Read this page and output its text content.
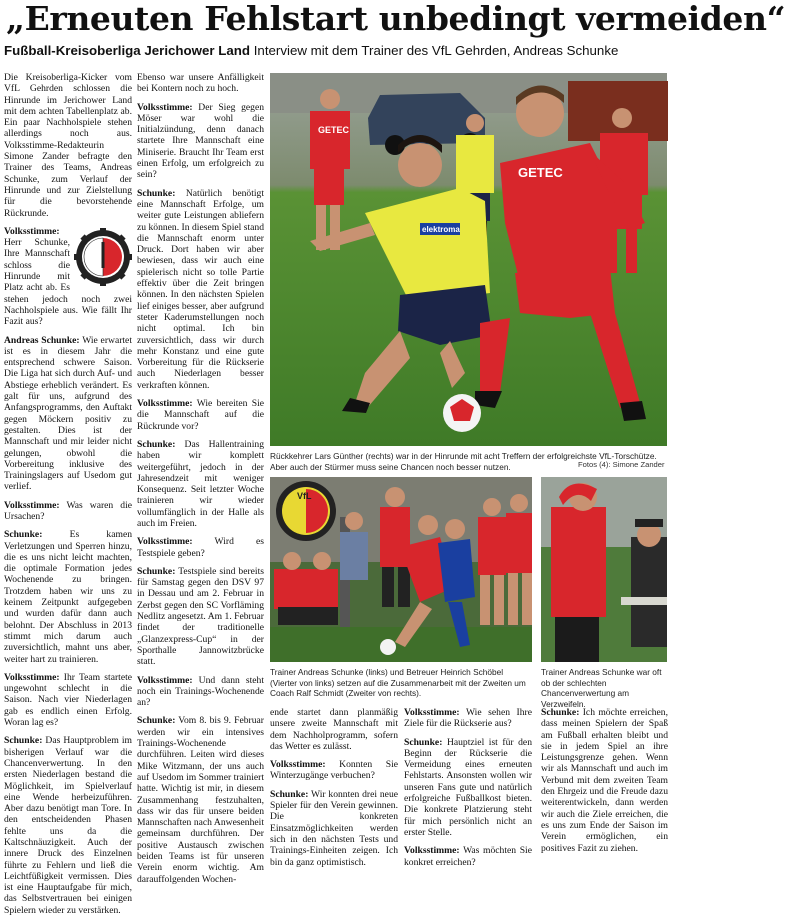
„Erneuten Fehlstart unbedingt vermeiden“
Fußball-Kreisoberliga Jerichower Land Interview mit dem Trainer des VfL Gehrden, Andreas Schunke

Die Kreisoberliga-Kicker vom VfL Gehrden schlossen die Hinrunde im Jerichower Land mit dem achten Tabellenplatz ab. Ein paar Nachholspiele stehen allerdings noch aus. Volksstimme-Redakteurin Simone Zander befragte den Trainer des Teams, Andreas Schunke, zum Verlauf der Hinrunde und zur Zielstellung für die bevorstehende Rückrunde.

Volksstimme: Herr Schunke, Ihre Mannschaft schloss die Hinrunde mit Platz acht ab. Es stehen jedoch noch zwei Nachholspiele aus. Wie fällt Ihr Fazit aus?

Andreas Schunke: Wie erwartet ist es in diesem Jahr die entsprechend schwere Saison. Die Liga hat sich durch Auf- und Abstiege erheblich verändert. Es galt für uns, aufgrund des Anfangsprogramms, den Auftakt gegen Möckern positiv zu gestalten. Dies ist der Mannschaft und mir leider nicht gelungen, obwohl die Vorbereitung inklusive des Trainingslagers auf Usedom gut verlief.

Volksstimme: Was waren die Ursachen?

Schunke: Es kamen Verletzungen und Sperren hinzu, die es uns nicht leicht machten, die optimale Formation jedes Wochenende zu bringen. Trotzdem haben wir uns zu keinem Zeitpunkt aufgegeben und wurden dafür dann auch belohnt. Der Abschluss in 2013 stimmt mich darum auch zuversichtlich, mahnt uns aber, weiter hart zu trainieren.

Volksstimme: Ihr Team startete ungewohnt schlecht in die Saison. Nach vier Niederlagen gab es endlich einen Erfolg. Woran lag es?

Schunke: Das Hauptproblem im bisherigen Verlauf war die Chancenverwertung. In den ersten Niederlagen bestand die Möglichkeit, im Spielverlauf eine Wende herbeizuführen. Aber dazu benötigt man Tore. In den entscheidenden Phasen fehlte uns da die Kaltschnäuzigkeit. Auch der innere Druck des Einzelnen führte zu Fehlern und ließ die Leichtfüßigkeit vermissen. Dies ist eine Hauptaufgabe für mich, das Selbstvertrauen bei einigen Spielern wieder zu verstärken.

Ebenso war unsere Anfälligkeit bei Kontern noch zu hoch.

Volksstimme: Der Sieg gegen Möser war wohl die Initialzündung, denn danach startete Ihre Mannschaft eine Miniserie. Braucht Ihr Team erst einen Erfolg, um erfolgreich zu sein?

Schunke: Natürlich benötigt eine Mannschaft Erfolge, um weiter gute Leistungen abliefern zu können. In diesem Spiel stand die Mannschaft enorm unter Druck. Dort haben wir aber bewiesen, dass wir auch eine spielerisch nicht so tolle Partie effektiv über die Zeit bringen können. In den nächsten Spielen lief einiges besser, aber aufgrund steter Kaderumstellungen noch nicht optimal. Ich bin zuversichtlich, dass wir durch mehr Konstanz und eine gute Vorbereitung für die Rückserie auch Niederlagen besser verkraften können.

Volksstimme: Wie bereiten Sie die Mannschaft auf die Rückrunde vor?

Schunke: Das Hallentraining haben wir komplett weitergeführt, jedoch in der Jahresendzeit mit weniger Konsequenz. Seit letzter Woche trainieren wir wieder vollumfänglich in der Halle als auch im Freien.

Volksstimme: Wird es Testspiele geben?

Schunke: Testspiele sind bereits für Samstag gegen den DSV 97 in Dessau und am 2. Februar in Zerbst gegen den SC Vorfläming Nedlitz angesetzt. Am 1. Februar findet der traditionelle „Glanzexpress-Cup“ in der Sporthalle Jannowitzbrücke statt.

Volksstimme: Und dann steht noch ein Trainings-Wochenende an?

Schunke: Vom 8. bis 9. Februar werden wir ein intensives Trainings-Wochenende durchführen. Leiten wird dieses Mike Witzmann, der uns auch auf Usedom im Sommer trainiert hatte. Wichtig ist mir, in diesem Zusammenhang festzuhalten, dass wir das für unsere beiden Mannschaften nach Anwesenheit gemeinsam durchführen. Der positive Austausch zwischen beiden Teams ist für unseren Verein enorm wichtig. Am darauffolgenden Wochen-

GETEC
elektroma
GETEC
Rückkehrer Lars Günther (rechts) war in der Hinrunde mit acht Treffern der erfolgreichste VfL-Torschütze. Aber auch der Stürmer muss seine Chancen noch besser nutzen.	Fotos (4): Simone Zander
VfL
Trainer Andreas Schunke (links) und Betreuer Heinrich Schöbel (Vierter von links) setzen auf die Zusammenarbeit mit der Zweiten um Coach Ralf Schmidt (Zweiter von rechts).
Trainer Andreas Schunke war oft ob der schlechten Chancenverwertung am Verzweifeln.

ende startet dann planmäßig unsere zweite Mannschaft mit dem Nachholprogramm, sofern das Wetter es zulässt.

Volksstimme: Konnten Sie Winterzugänge verbuchen?

Schunke: Wir konnten drei neue Spieler für den Verein gewinnen. Die konkreten Einsatzmöglichkeiten werden sich in den nächsten Tests und Trainings-Einheiten zeigen. Ich bin da ganz optimistisch.

Volksstimme: Wie sehen Ihre Ziele für die Rückserie aus?

Schunke: Hauptziel ist für den Beginn der Rückserie die Vermeidung eines erneuten Fehlstarts. Ansonsten wollen wir unseren Fans gute und natürlich erfolgreiche Fußballkost bieten. Die konkrete Platzierung steht für mich persönlich nicht an erster Stelle.

Volksstimme: Was möchten Sie konkret erreichen?

Schunke: Ich möchte erreichen, dass meinen Spielern der Spaß am Fußball erhalten bleibt und sie in jedem Spiel an ihre Leistungsgrenze gehen. Wenn wir als Mannschaft und auch im Verbund mit dem zweiten Team den Ehrgeiz und die Freude dazu weiterentwickeln, dann werden wir auch die Ziele erreichen, die es uns zum Ende der Saison im Verein ermöglichen, ein positives Fazit zu ziehen.
